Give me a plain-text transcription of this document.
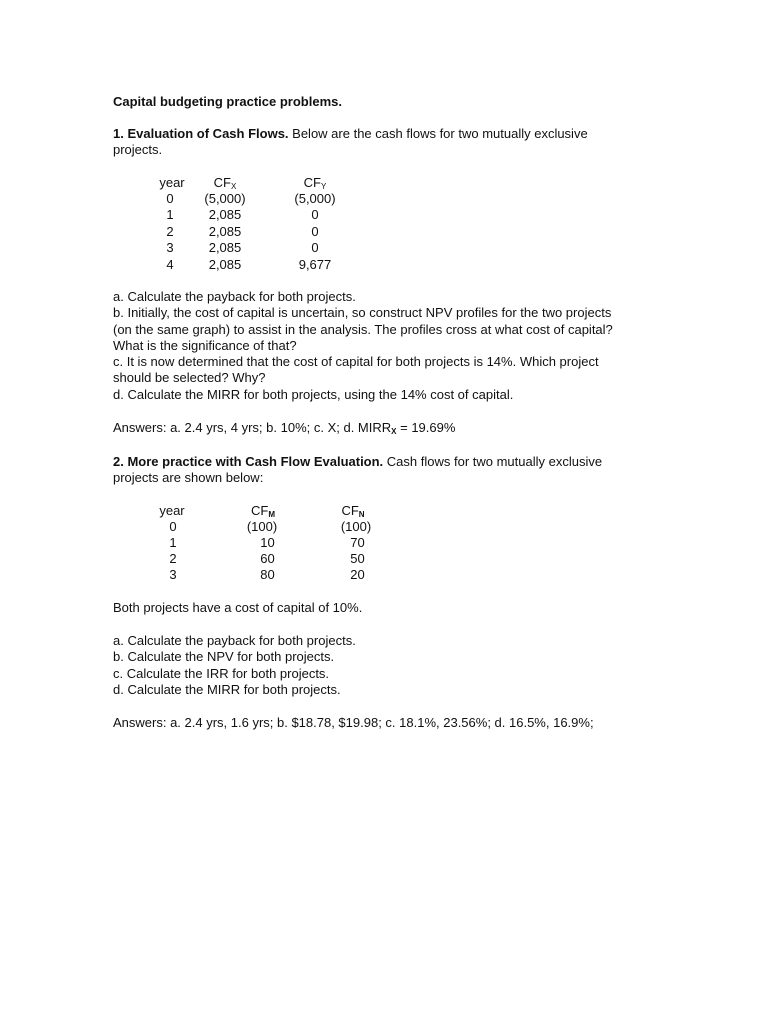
Capital budgeting practice problems.
1. Evaluation of Cash Flows. Below are the cash flows for two mutually exclusive
projects.
year	$CF_X$	$CF_Y$
0	(5,000)	(5,000)
1	2,085	0
2	2,085	0
3	2,085	0
4	2,085	9,677
a. Calculate the payback for both projects.
b. Initially, the cost of capital is uncertain, so construct NPV profiles for the two projects
(on the same graph) to assist in the analysis. The profiles cross at what cost of capital?
What is the significance of that?
c. It is now determined that the cost of capital for both projects is 14%. Which project
should be selected? Why?
d. Calculate the MIRR for both projects, using the 14% cost of capital.
Answers: a. 2.4 yrs, 4 yrs; b. 10%; c. X; d. $MIRR_X = 19.69\%$
2. More practice with Cash Flow Evaluation. Cash flows for two mutually exclusive
projects are shown below:
year	$CF_M$	$CF_N$
0	(100)	(100)
1	10	70
2	60	50
3	80	20
Both projects have a cost of capital of 10%.
a. Calculate the payback for both projects.
b. Calculate the NPV for both projects.
c. Calculate the IRR for both projects.
d. Calculate the MIRR for both projects.
Answers: a. 2.4 yrs, 1.6 yrs; b. $18.78, $19.98; c. 18.1%, 23.56%; d. 16.5%, 16.9%;
